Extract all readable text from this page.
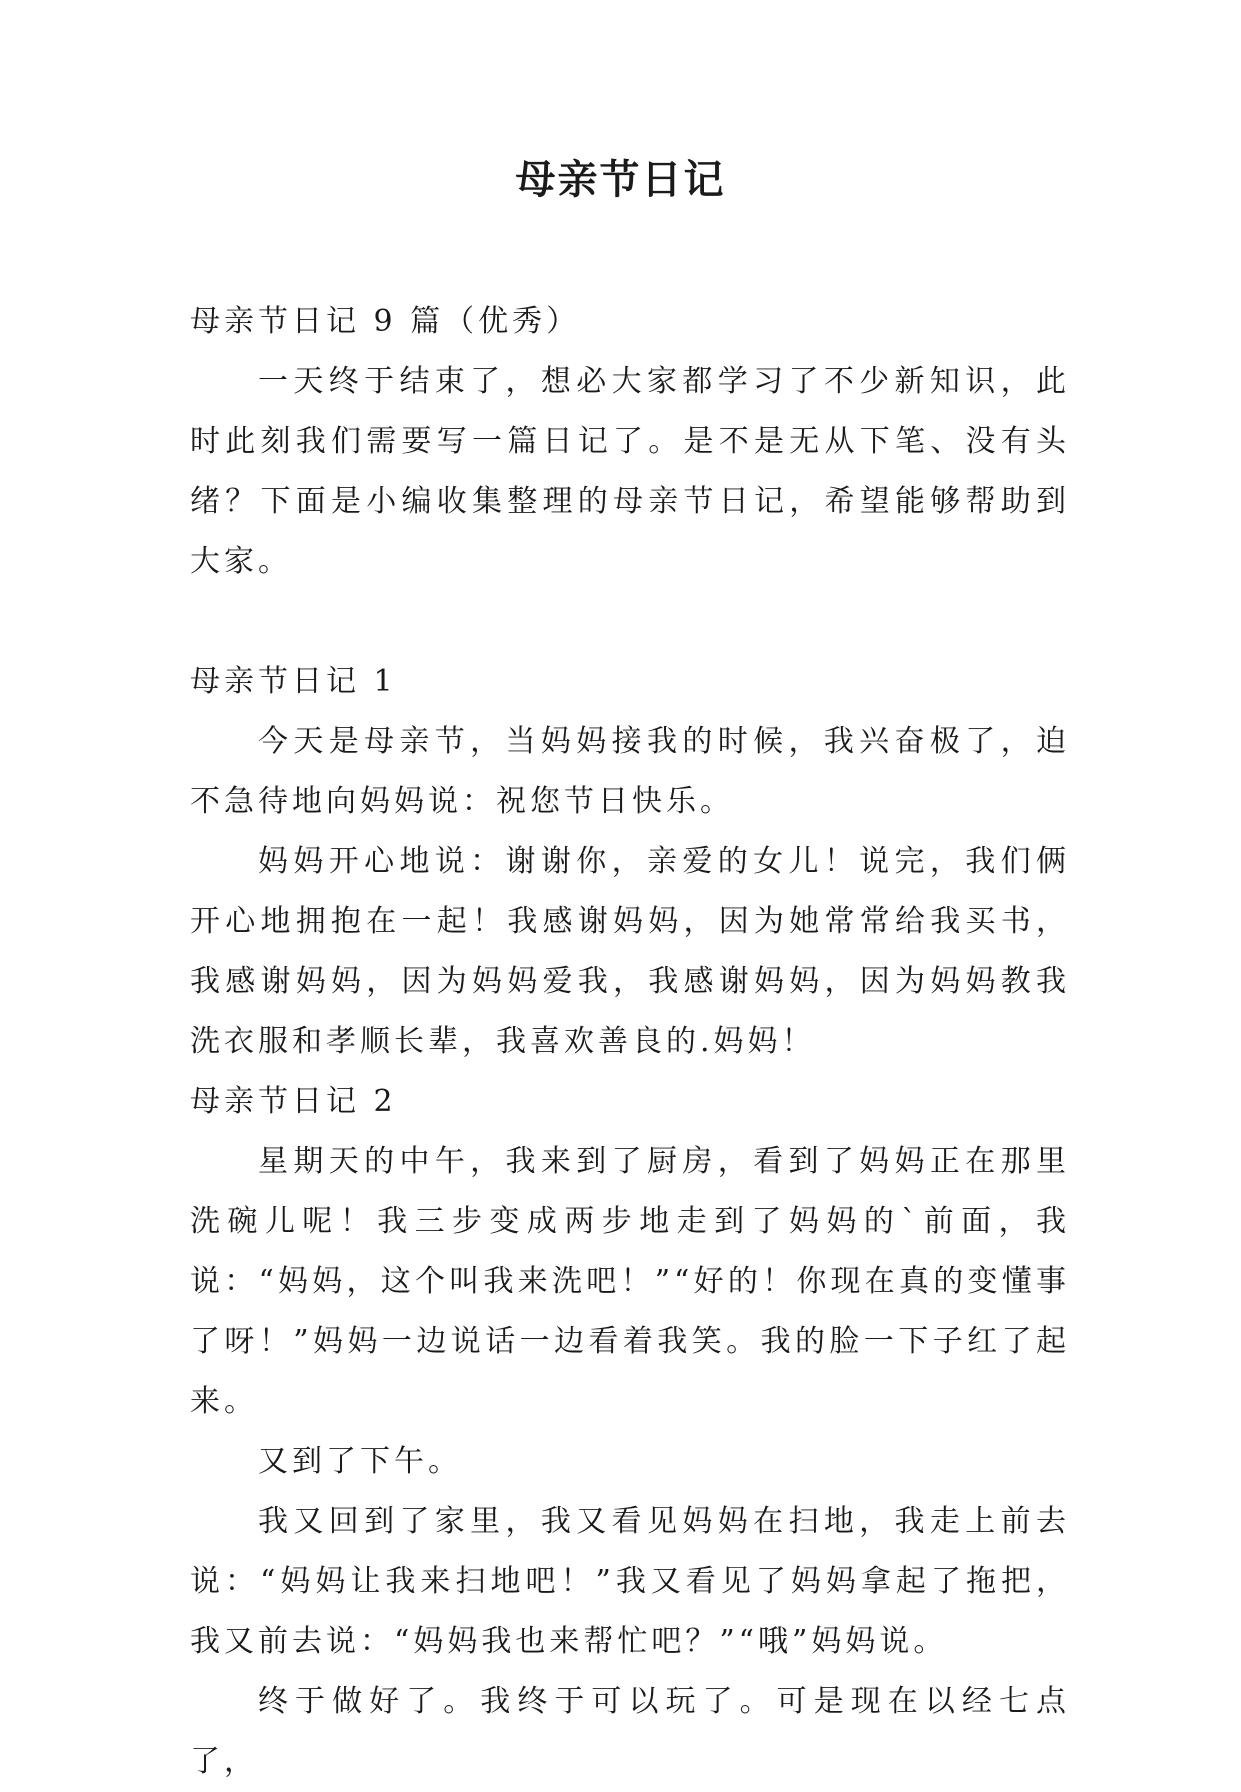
母亲节日记

母亲节日记 9 篇（优秀）

一天终于结束了，想必大家都学习了不少新知识，此时此刻我们需要写一篇日记了。是不是无从下笔、没有头绪？下面是小编收集整理的母亲节日记，希望能够帮助到大家。

母亲节日记 1

今天是母亲节，当妈妈接我的时候，我兴奋极了，迫不急待地向妈妈说：祝您节日快乐。

妈妈开心地说：谢谢你，亲爱的女儿！说完，我们俩开心地拥抱在一起！我感谢妈妈，因为她常常给我买书，我感谢妈妈，因为妈妈爱我，我感谢妈妈，因为妈妈教我洗衣服和孝顺长辈，我喜欢善良的.妈妈！

母亲节日记 2

星期天的中午，我来到了厨房，看到了妈妈正在那里洗碗儿呢！我三步变成两步地走到了妈妈的`前面，我说：“妈妈，这个叫我来洗吧！”“好的！你现在真的变懂事了呀！”妈妈一边说话一边看着我笑。我的脸一下子红了起来。

又到了下午。

我又回到了家里，我又看见妈妈在扫地，我走上前去说：“妈妈让我来扫地吧！”我又看见了妈妈拿起了拖把，我又前去说：“妈妈我也来帮忙吧？”“哦”妈妈说。

终于做好了。我终于可以玩了。可是现在以经七点了，
